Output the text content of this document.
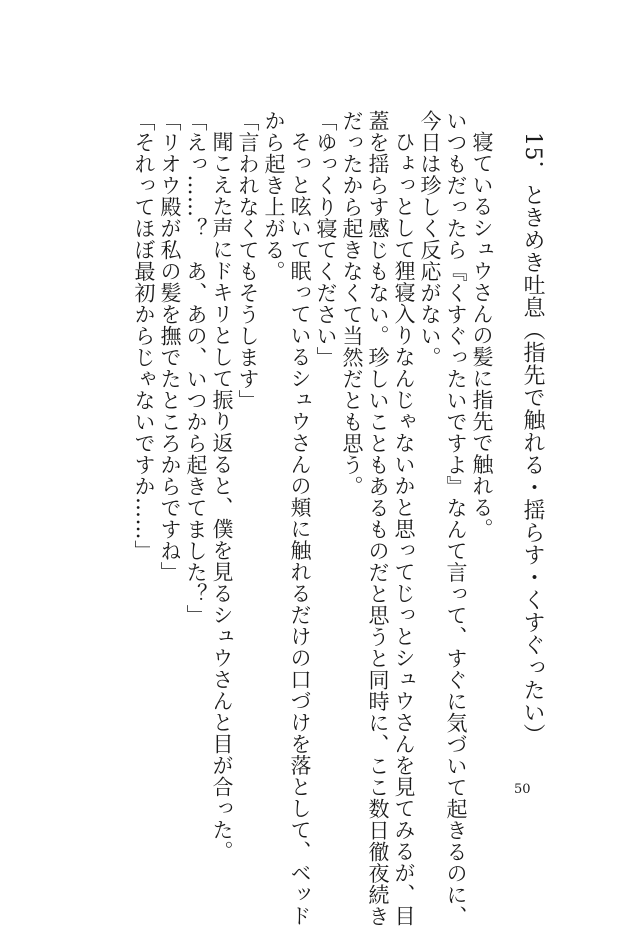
15．ときめき吐息（指先で触れる・揺らす・くすぐったい）
寝ているシュウさんの髪に指先で触れる。
いつもだったら『くすぐったいですよ』なんて言って、すぐに気づいて起きるのに、
今日は珍しく反応がない。
ひょっとして狸寝入りなんじゃないかと思ってじっとシュウさんを見てみるが、目
蓋を揺らす感じもない。珍しいこともあるものだと思うと同時に、ここ数日徹夜続き
だったから起きなくて当然だとも思う。
「ゆっくり寝てください」
そっと呟いて眠っているシュウさんの頬に触れるだけの口づけを落として、ベッド
から起き上がる。
「言われなくてもそうします」
聞こえた声にドキリとして振り返ると、僕を見るシュウさんと目が合った。
「えっ……？　あ、あの、いつから起きてました？」
「リオウ殿が私の髪を撫でたところからですね」
「それってほぼ最初からじゃないですか……」
50
